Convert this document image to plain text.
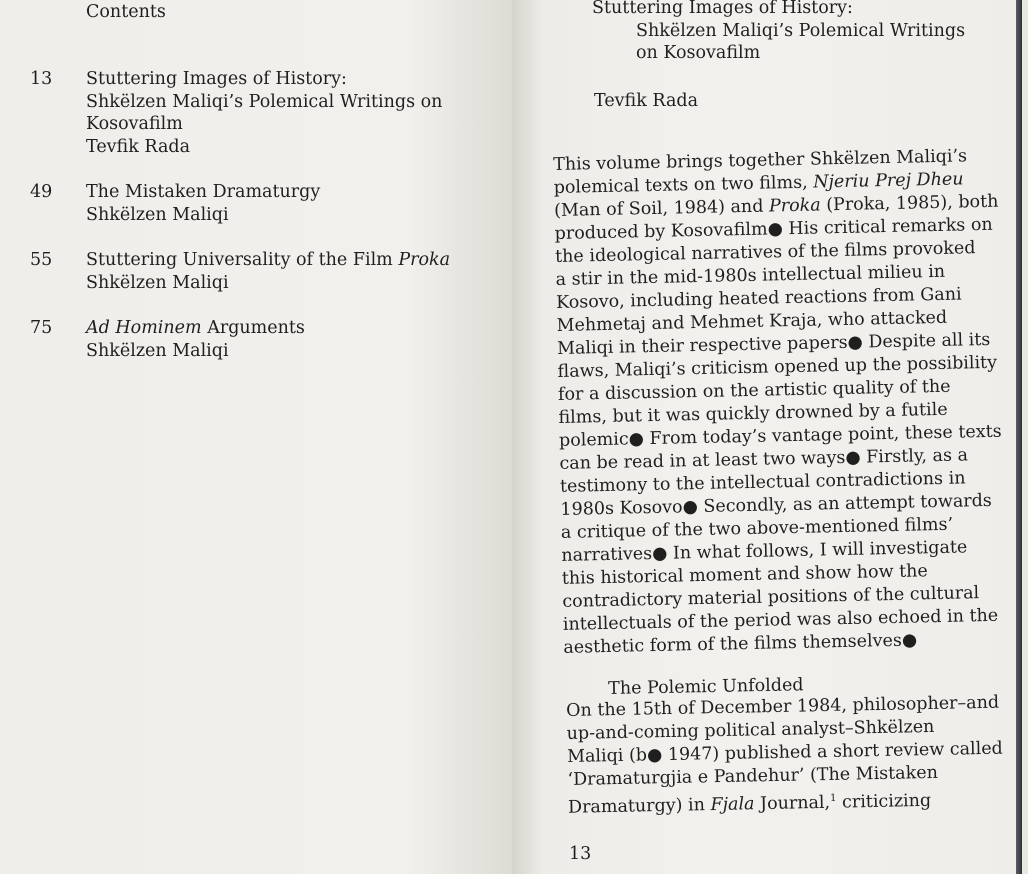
Contents
13 Stuttering Images of History:
Shkëlzen Maliqi’s Polemical Writings on
Kosovafilm
Tevfik Rada
49 The Mistaken Dramaturgy
Shkëlzen Maliqi
55 Stuttering Universality of the Film Proka
Shkëlzen Maliqi
75 Ad Hominem Arguments
Shkëlzen Maliqi
Stuttering Images of History:
Shkëlzen Maliqi’s Polemical Writings
on Kosovafilm
Tevfik Rada
This volume brings together Shkëlzen Maliqi’s
polemical texts on two films, Njeriu Prej Dheu
(Man of Soil, 1984) and Proka (Proka, 1985), both
produced by Kosovafilm● His critical remarks on
the ideological narratives of the films provoked
a stir in the mid-1980s intellectual milieu in
Kosovo, including heated reactions from Gani
Mehmetaj and Mehmet Kraja, who attacked
Maliqi in their respective papers● Despite all its
flaws, Maliqi’s criticism opened up the possibility
for a discussion on the artistic quality of the
films, but it was quickly drowned by a futile
polemic● From today’s vantage point, these texts
can be read in at least two ways● Firstly, as a
testimony to the intellectual contradictions in
1980s Kosovo● Secondly, as an attempt towards
a critique of the two above-mentioned films’
narratives● In what follows, I will investigate
this historical moment and show how the
contradictory material positions of the cultural
intellectuals of the period was also echoed in the
aesthetic form of the films themselves●
The Polemic Unfolded
On the 15th of December 1984, philosopher–and
up-and-coming political analyst–Shkëlzen
Maliqi (b● 1947) published a short review called
‘Dramaturgjia e Pandehur’ (The Mistaken
Dramaturgy) in Fjala Journal,$^1$ criticizing
13
